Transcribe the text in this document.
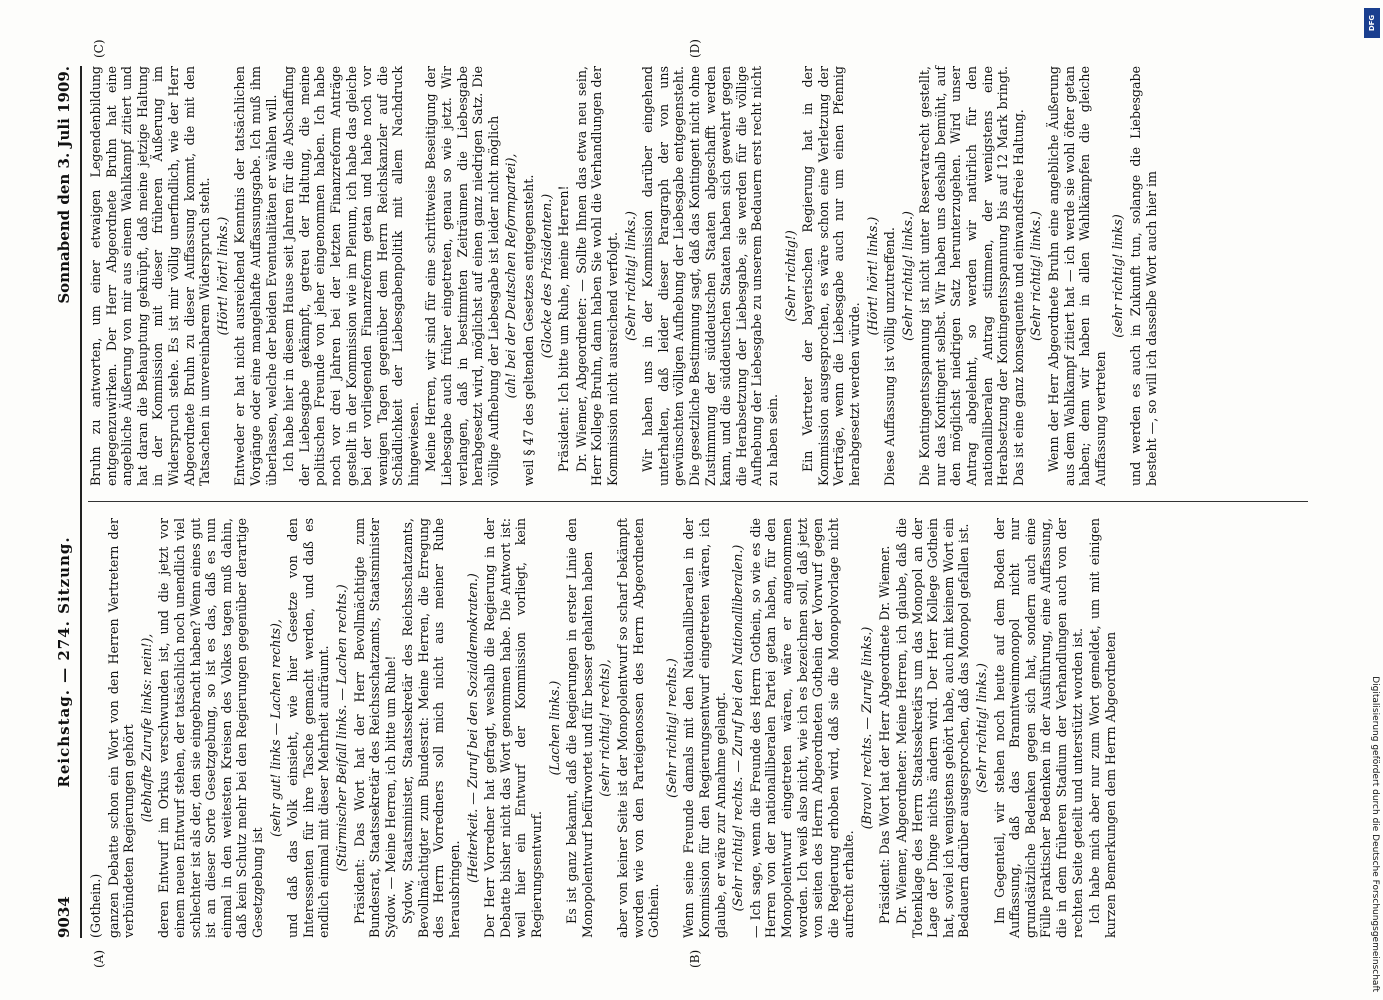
9034
Reichstag. — 274. Sitzung.
Sonnabend den 3. Juli 1909.

(Gothein.) ganzen Debatte schon ein Wort von den Herren Vertretern der verbündeten Regierungen gehört (lebhafte Zurufe links: nein!), deren Entwurf im Orkus verschwunden ist, und die jetzt vor einem neuen Entwurf stehen, der tatsächlich noch unendlich viel schlechter ist als der, den sie eingebracht haben? Wenn eines gut ist an dieser Sorte Gesetzgebung, so ist es das, daß es nun einmal in den weitesten Kreisen des Volkes tagen muß dahin, daß kein Schutz mehr bei den Regierungen gegenüber derartige Gesetzgebung ist

(sehr gut! links — Lachen rechts), und daß das Volk einsieht, wie hier Gesetze von den Interessenten für ihre Tasche gemacht werden, und daß es endlich einmal mit dieser Mehrheit aufräumt. (Stürmischer Beifall links. — Lachen rechts.) Präsident: Das Wort hat der Herr Bevollmächtigte zum Bundesrat, Staatssekretär des Reichsschatzamts, Staatsminister Sydow. — Meine Herren, ich bitte um Ruhe! Sydow, Staatsminister, Staatssekretär des Reichsschatzamts, Bevollmächtigter zum Bundesrat: Meine Herren, die Erregung des Herrn Vorredners soll mich nicht aus meiner Ruhe herausbringen.

(Heiterkeit. — Zuruf bei den Sozialdemokraten.) Der Herr Vorredner hat gefragt, weshalb die Regierung in der Debatte bisher nicht das Wort genommen habe. Die Antwort ist: weil hier ein Entwurf der Kommission vorliegt, kein Regierungsentwurf.

(Lachen links.) Es ist ganz bekannt, daß die Regierungen in erster Linie den Monopolentwurf befürwortet und für besser gehalten haben (sehr richtig! rechts), aber von keiner Seite ist der Monopolentwurf so scharf bekämpft worden wie von den Parteigenossen des Herrn Abgeordneten Gothein.

(Sehr richtig! rechts.) Wenn seine Freunde damals mit den Nationalliberalen in der Kommission für den Regierungsentwurf eingetreten wären, ich glaube, er wäre zur Annahme gelangt. (Sehr richtig! rechts. — Zuruf bei den Nationalliberalen.) — Ich sage, wenn die Freunde des Herrn Gothein, so wie es die Herren von der nationalliberalen Partei getan haben, für den Monopolentwurf eingetreten wären, wäre er angenommen worden. Ich weiß also nicht, wie ich es bezeichnen soll, daß jetzt von seiten des Herrn Abgeordneten Gothein der Vorwurf gegen die Regierung erhoben wird, daß sie die Monopolvorlage nicht aufrecht erhalte.

(Bravo! rechts. — Zurufe links.) Präsident: Das Wort hat der Herr Abgeordnete Dr. Wiemer. Dr. Wiemer, Abgeordneter: Meine Herren, ich glaube, daß die Totenklage des Herrn Staatssekretärs um das Monopol an der Lage der Dinge nichts ändern wird. Der Herr Kollege Gothein hat, soviel ich wenigstens gehört habe, auch mit keinem Wort ein Bedauern darüber ausgesprochen, daß das Monopol gefallen ist. (Sehr richtig! links.) Im Gegenteil, wir stehen noch heute auf dem Boden der Auffassung, daß das Branntweinmonopol nicht nur grundsätzliche Bedenken gegen sich hat, sondern auch eine Fülle praktischer Bedenken in der Ausführung, eine Auffassung, die in dem früheren Stadium der Verhandlungen auch von der rechten Seite geteilt und unterstützt worden ist. Ich habe mich aber nur zum Wort gemeldet, um mit einigen kurzen Bemerkungen dem Herrn Abgeordneten

Bruhn zu antworten, um einer etwaigen Legendenbildung entgegenzuwirken. Der Herr Abgeordnete Bruhn hat eine angebliche Äußerung von mir aus einem Wahlkampf zitiert und hat daran die Behauptung geknüpft, daß meine jetzige Haltung in der Kommission mit dieser früheren Äußerung im Widerspruch stehe. Es ist mir völlig unerfindlich, wie der Herr Abgeordnete Bruhn zu dieser Auffassung kommt, die mit den Tatsachen in unvereinbarem Widerspruch steht. (Hört! hört! links.) Entweder er hat nicht ausreichend Kenntnis der tatsächlichen Vorgänge oder eine mangelhafte Auffassungsgabe. Ich muß ihm überlassen, welche der beiden Eventualitäten er wählen will. Ich habe hier in diesem Hause seit Jahren für die Abschaffung der Liebesgabe gekämpft, getreu der Haltung, die meine politischen Freunde von jeher eingenommen haben. Ich habe noch vor drei Jahren bei der letzten Finanzreform Anträge gestellt in der Kommission wie im Plenum, ich habe das gleiche bei der vorliegenden Finanzreform getan und habe noch vor wenigen Tagen gegenüber dem Herrn Reichskanzler auf die Schädlichkeit der Liebesgabenpolitik mit allem Nachdruck hingewiesen. Meine Herren, wir sind für eine schrittweise Beseitigung der Liebesgabe auch früher eingetreten, genau so wie jetzt. Wir verlangen, daß in bestimmten Zeiträumen die Liebesgabe herabgesetzt wird, möglichst auf einen ganz niedrigen Satz. Die völlige Aufhebung der Liebesgabe ist leider nicht möglich (ah! bei der Deutschen Reformpartei), weil § 47 des geltenden Gesetzes entgegensteht. (Glocke des Präsidenten.) Präsident: Ich bitte um Ruhe, meine Herren! Dr. Wiemer, Abgeordneter: — Sollte Ihnen das etwa neu sein, Herr Kollege Bruhn, dann haben Sie wohl die Verhandlungen der Kommission nicht ausreichend verfolgt. (Sehr richtig! links.) Wir haben uns in der Kommission darüber eingehend unterhalten, daß leider dieser Paragraph der von uns gewünschten völligen Aufhebung der Liebesgabe entgegensteht. Die gesetzliche Bestimmung sagt, daß das Kontingent nicht ohne Zustimmung der süddeutschen Staaten abgeschafft werden kann, und die süddeutschen Staaten haben sich gewehrt gegen die Herabsetzung der Liebesgabe, sie werden für die völlige Aufhebung der Liebesgabe zu unserem Bedauern erst recht nicht zu haben sein.

(Sehr richtig!) Ein Vertreter der bayerischen Regierung hat in der Kommission ausgesprochen, es wäre schon eine Verletzung der Verträge, wenn die Liebesgabe auch nur um einen Pfennig herabgesetzt werden würde.

(Hört! hört! links.) Diese Auffassung ist völlig unzutreffend. (Sehr richtig! links.) Die Kontingentsspannung ist nicht unter Reservatrecht gestellt, nur das Kontingent selbst. Wir haben uns deshalb bemüht, auf den möglichst niedrigen Satz herunterzugehen. Wird unser Antrag abgelehnt, so werden wir natürlich für den nationalliberalen Antrag stimmen, der wenigstens eine Herabsetzung der Kontingentsspannung bis auf 12 Mark bringt. Das ist eine ganz konsequente und einwandsfreie Haltung. (Sehr richtig! links.) Wenn der Herr Abgeordnete Bruhn eine angebliche Äußerung aus dem Wahlkampf zitiert hat — ich werde sie wohl öfter getan haben; denn wir haben in allen Wahlkämpfen die gleiche Auffassung vertreten

(sehr richtig! links) und werden es auch in Zukunft tun, solange die Liebesgabe besteht —, so will ich dasselbe Wort auch hier im

(A)	(B)
(C)	(D)
DFG
Digitalisierung gefördert durch die Deutsche Forschungsgemeinschaft
